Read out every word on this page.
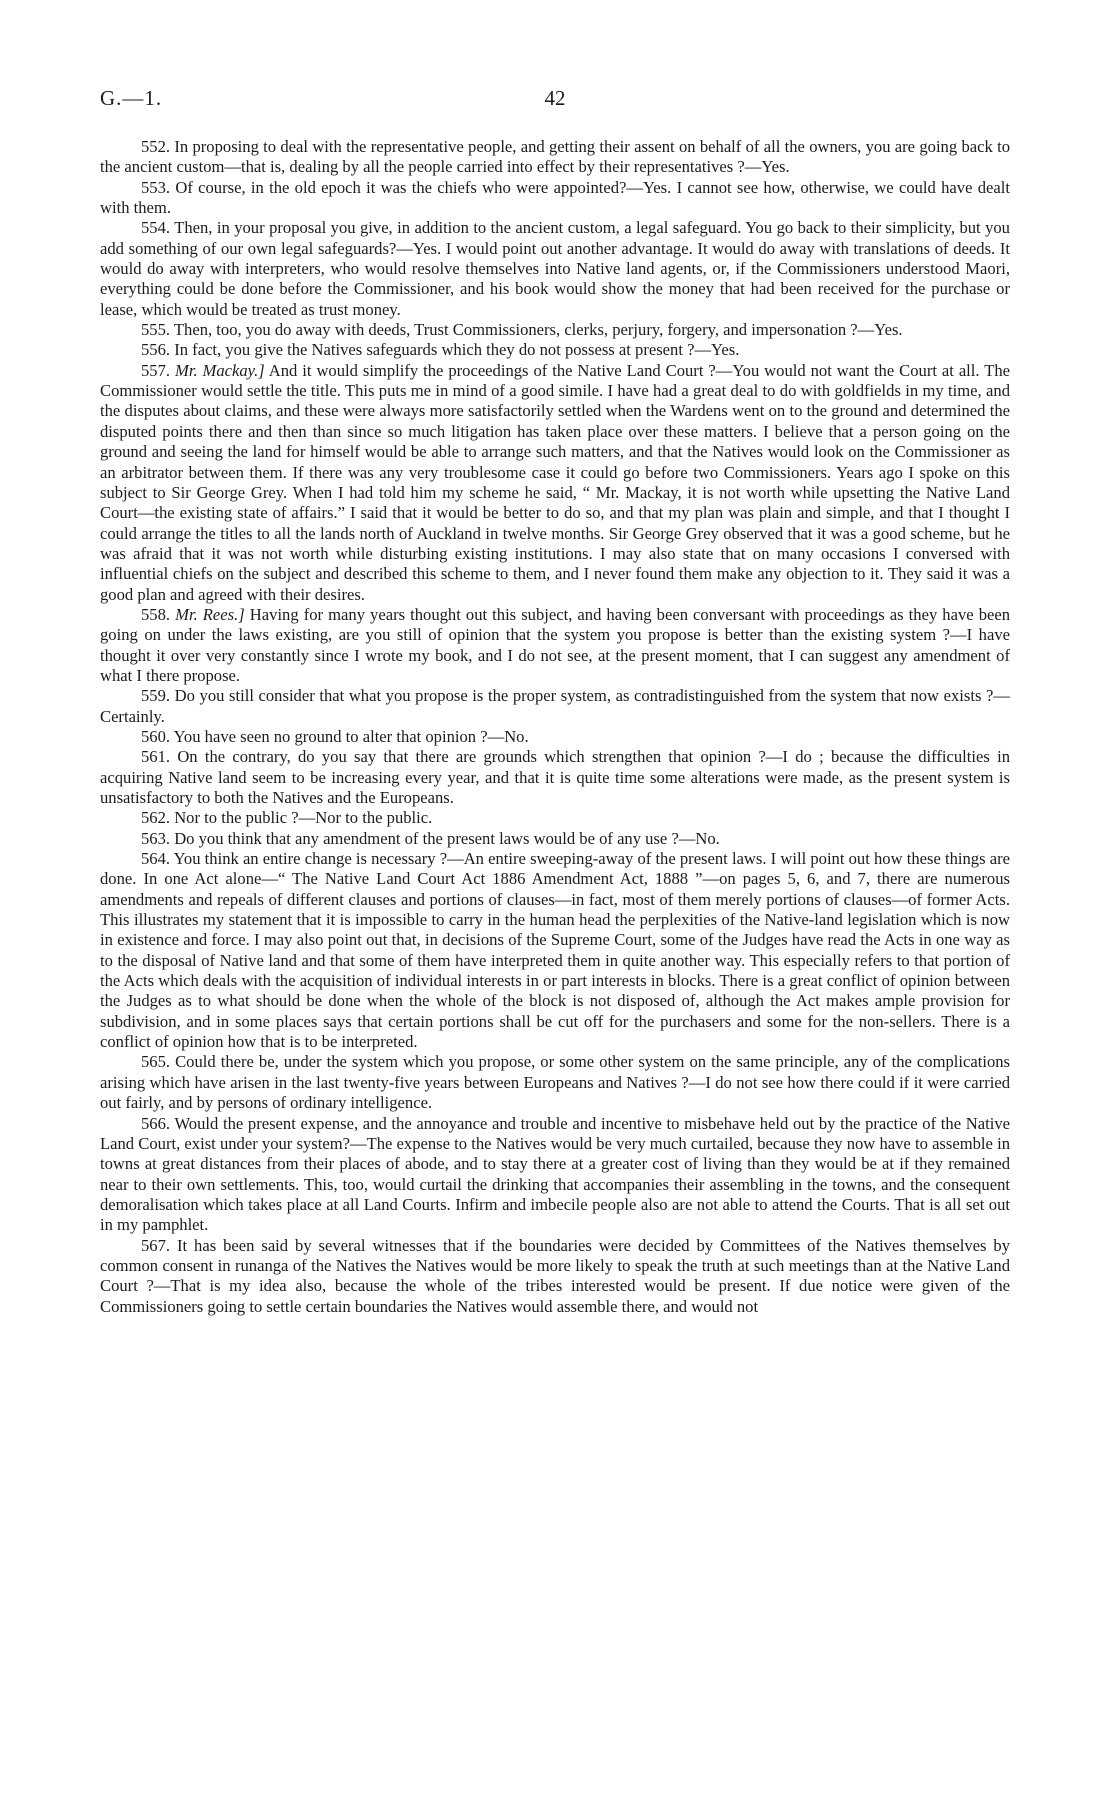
G.—1.	42

552. In proposing to deal with the representative people, and getting their assent on behalf of all the owners, you are going back to the ancient custom—that is, dealing by all the people carried into effect by their representatives ?—Yes.

553. Of course, in the old epoch it was the chiefs who were appointed?—Yes. I cannot see how, otherwise, we could have dealt with them.

554. Then, in your proposal you give, in addition to the ancient custom, a legal safeguard. You go back to their simplicity, but you add something of our own legal safeguards?—Yes. I would point out another advantage. It would do away with translations of deeds. It would do away with interpreters, who would resolve themselves into Native land agents, or, if the Commissioners understood Maori, everything could be done before the Commissioner, and his book would show the money that had been received for the purchase or lease, which would be treated as trust money.

555. Then, too, you do away with deeds, Trust Commissioners, clerks, perjury, forgery, and impersonation ?—Yes.

556. In fact, you give the Natives safeguards which they do not possess at present ?—Yes.

557. Mr. Mackay.] And it would simplify the proceedings of the Native Land Court ?—You would not want the Court at all. The Commissioner would settle the title. This puts me in mind of a good simile. I have had a great deal to do with goldfields in my time, and the disputes about claims, and these were always more satisfactorily settled when the Wardens went on to the ground and determined the disputed points there and then than since so much litigation has taken place over these matters. I believe that a person going on the ground and seeing the land for himself would be able to arrange such matters, and that the Natives would look on the Commissioner as an arbitrator between them. If there was any very troublesome case it could go before two Commissioners. Years ago I spoke on this subject to Sir George Grey. When I had told him my scheme he said, “ Mr. Mackay, it is not worth while upsetting the Native Land Court—the existing state of affairs.” I said that it would be better to do so, and that my plan was plain and simple, and that I thought I could arrange the titles to all the lands north of Auckland in twelve months. Sir George Grey observed that it was a good scheme, but he was afraid that it was not worth while disturbing existing institutions. I may also state that on many occasions I conversed with influential chiefs on the subject and described this scheme to them, and I never found them make any objection to it. They said it was a good plan and agreed with their desires.

558. Mr. Rees.] Having for many years thought out this subject, and having been conversant with proceedings as they have been going on under the laws existing, are you still of opinion that the system you propose is better than the existing system ?—I have thought it over very constantly since I wrote my book, and I do not see, at the present moment, that I can suggest any amendment of what I there propose.

559. Do you still consider that what you propose is the proper system, as contradistinguished from the system that now exists ?—Certainly.

560. You have seen no ground to alter that opinion ?—No.

561. On the contrary, do you say that there are grounds which strengthen that opinion ?—I do ; because the difficulties in acquiring Native land seem to be increasing every year, and that it is quite time some alterations were made, as the present system is unsatisfactory to both the Natives and the Europeans.

562. Nor to the public ?—Nor to the public.

563. Do you think that any amendment of the present laws would be of any use ?—No.

564. You think an entire change is necessary ?—An entire sweeping-away of the present laws. I will point out how these things are done. In one Act alone—“ The Native Land Court Act 1886 Amendment Act, 1888 ”—on pages 5, 6, and 7, there are numerous amendments and repeals of different clauses and portions of clauses—in fact, most of them merely portions of clauses—of former Acts. This illustrates my statement that it is impossible to carry in the human head the perplexities of the Native-land legislation which is now in existence and force. I may also point out that, in decisions of the Supreme Court, some of the Judges have read the Acts in one way as to the disposal of Native land and that some of them have interpreted them in quite another way. This especially refers to that portion of the Acts which deals with the acquisition of individual interests in or part interests in blocks. There is a great conflict of opinion between the Judges as to what should be done when the whole of the block is not disposed of, although the Act makes ample provision for subdivision, and in some places says that certain portions shall be cut off for the purchasers and some for the non-sellers. There is a conflict of opinion how that is to be interpreted.

565. Could there be, under the system which you propose, or some other system on the same principle, any of the complications arising which have arisen in the last twenty-five years between Europeans and Natives ?—I do not see how there could if it were carried out fairly, and by persons of ordinary intelligence.

566. Would the present expense, and the annoyance and trouble and incentive to misbehave held out by the practice of the Native Land Court, exist under your system?—The expense to the Natives would be very much curtailed, because they now have to assemble in towns at great distances from their places of abode, and to stay there at a greater cost of living than they would be at if they remained near to their own settlements. This, too, would curtail the drinking that accompanies their assembling in the towns, and the consequent demoralisation which takes place at all Land Courts. Infirm and imbecile people also are not able to attend the Courts. That is all set out in my pamphlet.

567. It has been said by several witnesses that if the boundaries were decided by Committees of the Natives themselves by common consent in runanga of the Natives the Natives would be more likely to speak the truth at such meetings than at the Native Land Court ?—That is my idea also, because the whole of the tribes interested would be present. If due notice were given of the Commissioners going to settle certain boundaries the Natives would assemble there, and would not
